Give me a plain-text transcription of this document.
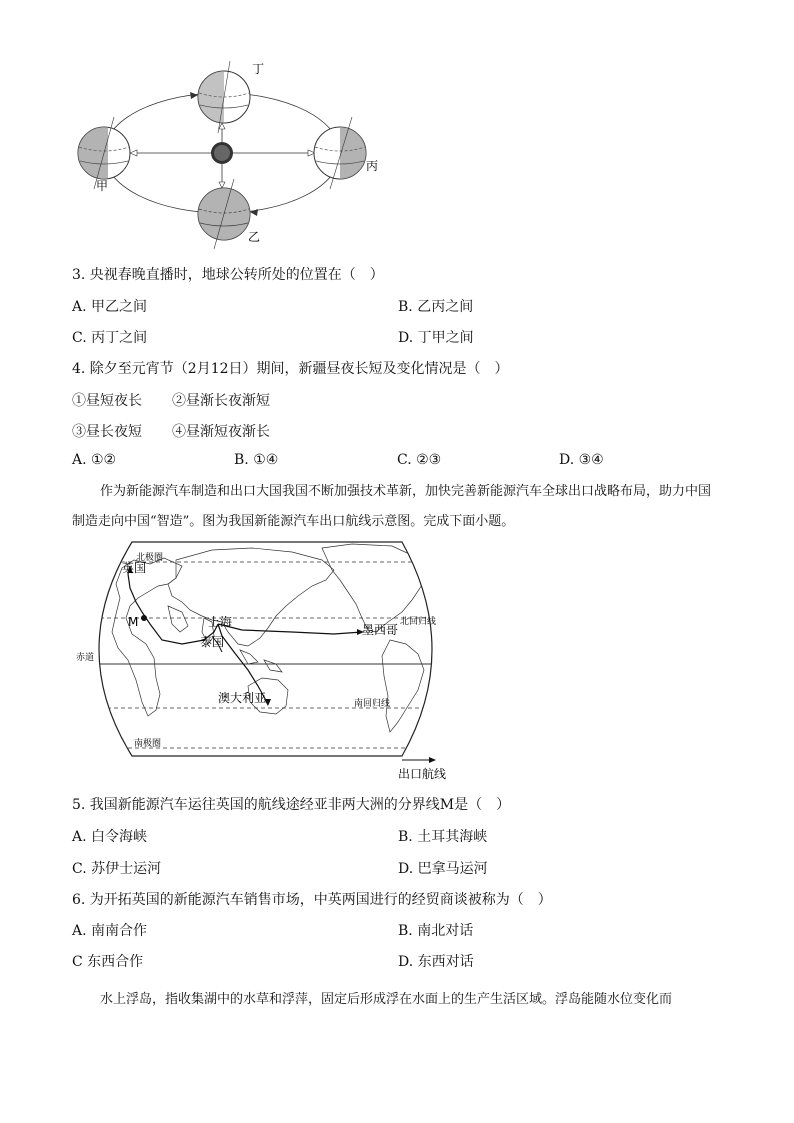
丁
甲
乙
丙
3. 央视春晚直播时，地球公转所处的位置在（　）
A. 甲乙之间	B. 乙丙之间
C. 丙丁之间	D. 丁甲之间
4. 除夕至元宵节（2月12日）期间，新疆昼夜长短及变化情况是（　）
①昼短夜长 ②昼渐长夜渐短
③昼长夜短 ④昼渐短夜渐长
A. ①②	B. ①④	C. ②③	D. ③④
作为新能源汽车制造和出口大国我国不断加强技术革新，加快完善新能源汽车全球出口战略布局，助力中国制造走向中国“智造”。图为我国新能源汽车出口航线示意图。完成下面小题。
北极圈
英国
M	上海
泰国
墨西哥
北回归线
赤道
澳大利亚	南回归线
南极圈
出口航线
5. 我国新能源汽车运往英国的航线途经亚非两大洲的分界线M是（　）
A. 白令海峡	B. 土耳其海峡
C. 苏伊士运河	D. 巴拿马运河
6. 为开拓英国的新能源汽车销售市场，中英两国进行的经贸商谈被称为（　）
A. 南南合作	B. 南北对话
C 东西合作	D. 东西对话
水上浮岛，指收集湖中的水草和浮萍，固定后形成浮在水面上的生产生活区域。浮岛能随水位变化而
